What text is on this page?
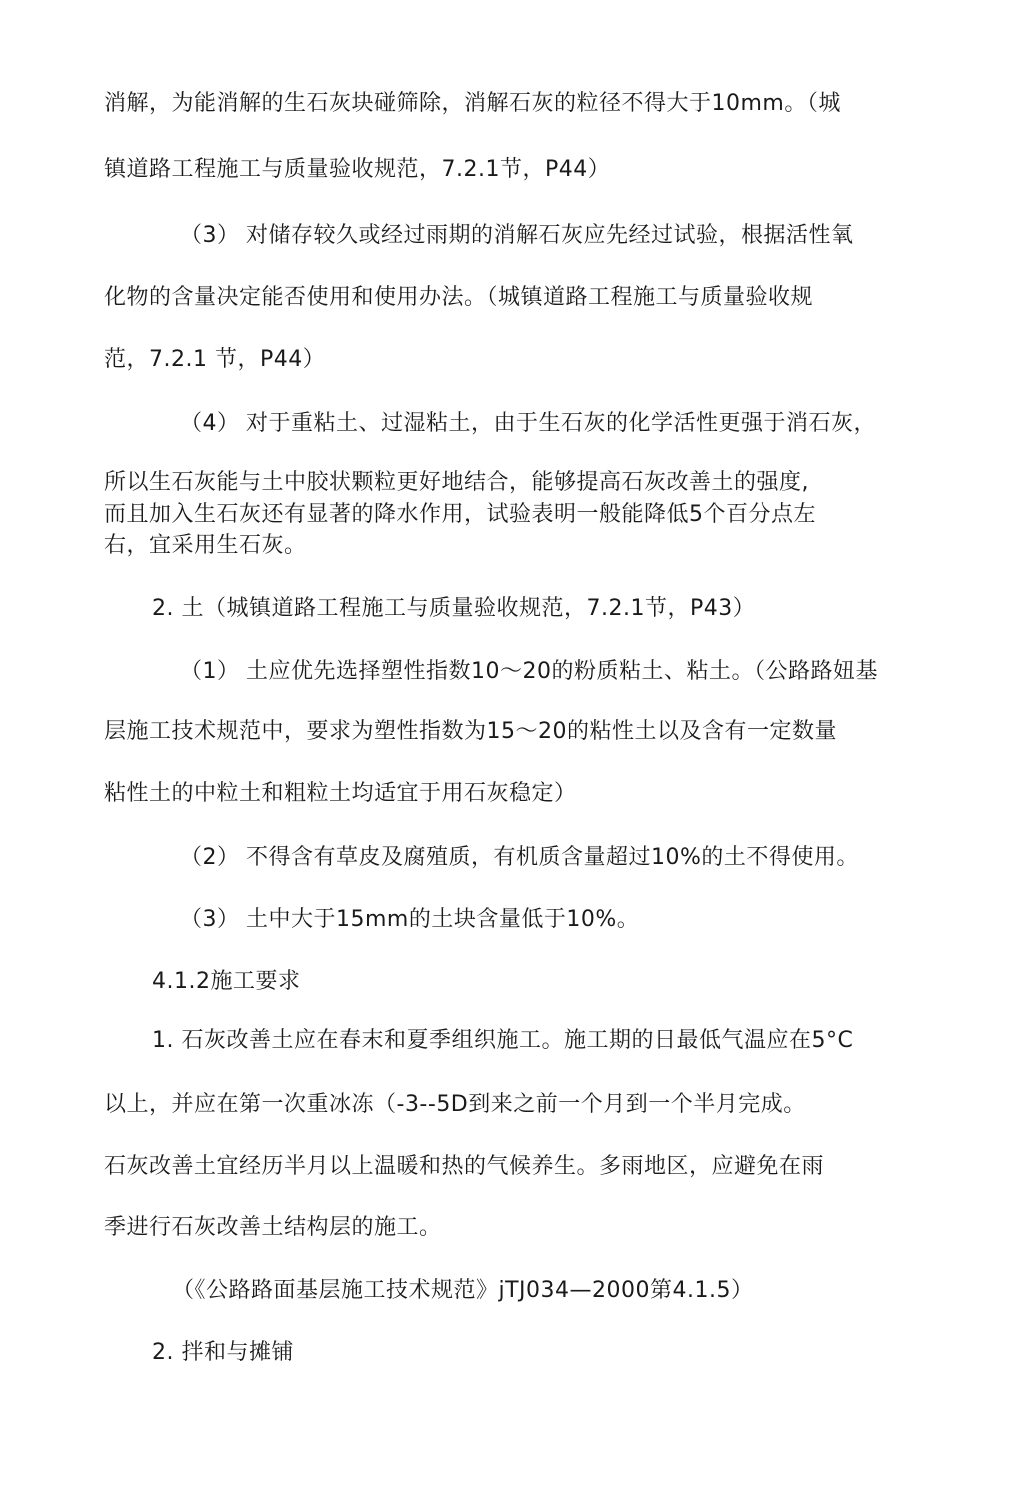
消解，为能消解的生石灰块碰筛除，消解石灰的粒径不得大于10mm。（城
镇道路工程施工与质量验收规范，7.2.1节，P44）
（3） 对储存较久或经过雨期的消解石灰应先经过试验，根据活性氧
化物的含量决定能否使用和使用办法。（城镇道路工程施工与质量验收规
范，7.2.1 节，P44）
（4） 对于重粘土、过湿粘土，由于生石灰的化学活性更强于消石灰，
所以生石灰能与土中胶状颗粒更好地结合，能够提高石灰改善土的强度,
而且加入生石灰还有显著的降水作用，试验表明一般能降低5个百分点左
右，宜采用生石灰。
2. 土（城镇道路工程施工与质量验收规范，7.2.1节，P43）
（1） 土应优先选择塑性指数10～20的粉质粘土、粘土。（公路路妞基
层施工技术规范中，要求为塑性指数为15～20的粘性土以及含有一定数量
粘性土的中粒土和粗粒土均适宜于用石灰稳定）
（2） 不得含有草皮及腐殖质，有机质含量超过10%的土不得使用。
（3） 土中大于15mm的土块含量低于10%。
4.1.2施工要求
1. 石灰改善土应在春末和夏季组织施工。施工期的日最低气温应在5°C
以上，并应在第一次重冰冻（-3--5D到来之前一个月到一个半月完成。
石灰改善土宜经历半月以上温暖和热的气候养生。多雨地区，应避免在雨
季进行石灰改善土结构层的施工。
（《公路路面基层施工技术规范》jTJ034—2000第4.1.5）
2. 拌和与摊铺
